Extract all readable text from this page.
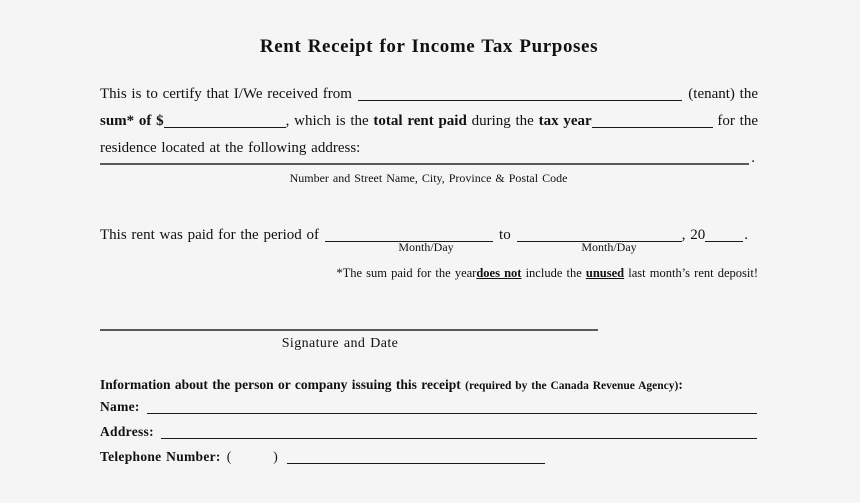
Rent Receipt for Income Tax Purposes
This is to certify that I/We received from	(tenant) the
sum* of $	, which is the total rent paid during the tax year	for the
residence located at the following address:
.
Number and Street Name, City, Province & Postal Code
This rent was paid for the period of	to	, 20	.
Month/Day	Month/Day
*The sum paid for the yeardoes not include the unused last month’s rent deposit!
Signature and Date
Information about the person or company issuing this receipt (required by the Canada Revenue Agency):
Name:
Address:
Telephone Number: (	)
